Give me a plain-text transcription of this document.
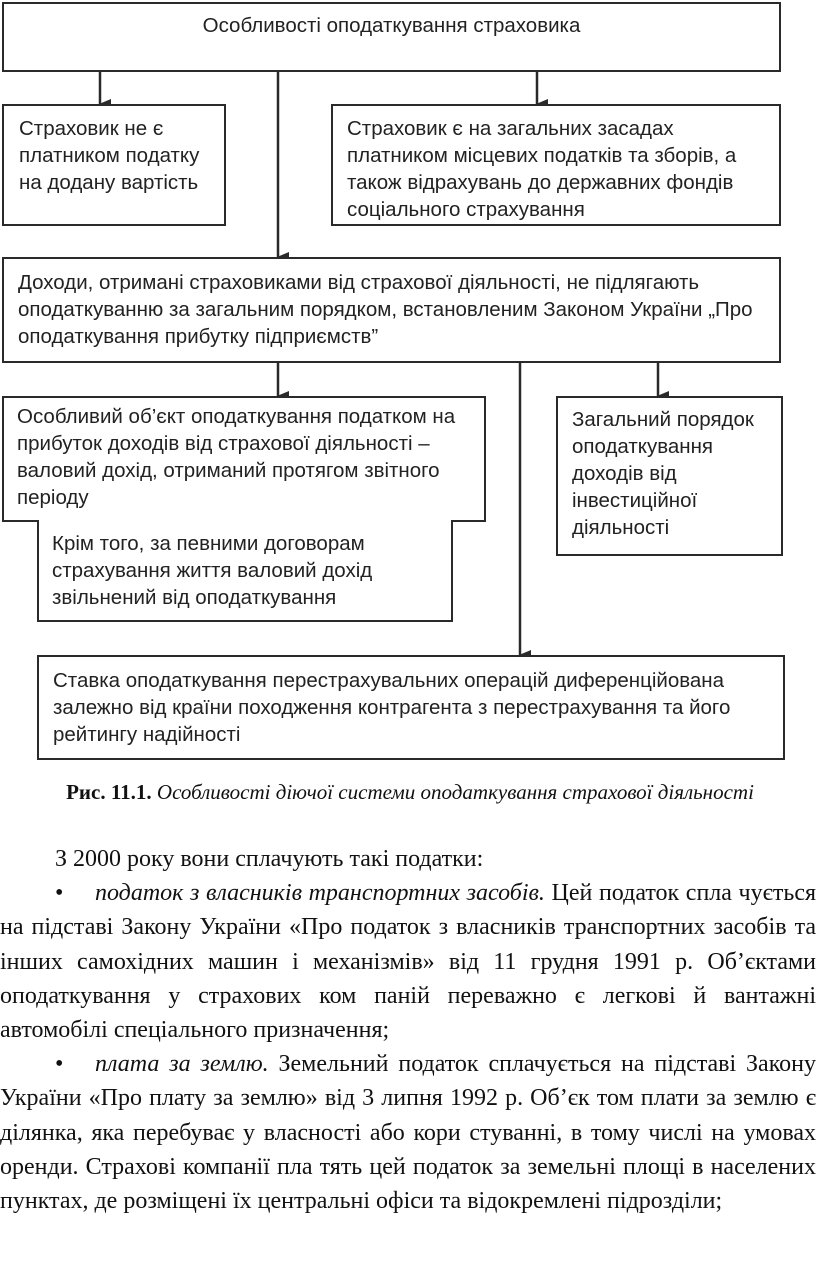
Особливості оподаткування страховика
Страховик не є платником податку на додану вартість
Страховик є на загальних засадах платником місцевих податків та зборів, а також відрахувань до державних фондів соціального страхування
Доходи, отримані страховиками від страхової діяльності, не підлягають оподаткуванню за загальним порядком, встановленим Законом України „Про оподаткування прибутку підприємств”
Особливий об’єкт оподаткування податком на прибуток доходів від страхової діяльності –валовий дохід, отриманий протягом звітного періоду
Крім того, за певними договорам страхування життя валовий дохід звільнений від оподаткування
Загальний порядок оподаткування доходів від інвестиційної діяльності
Ставка оподаткування перестрахувальних операцій диференційована залежно від країни походження контрагента з перестрахування та його рейтингу надійності
Рис. 11.1. Особливості діючої системи оподаткування страхової діяльності

З 2000 року вони сплачують такі податки:

• податок з власників транспортних засобів. Цей податок спла чується на підставі Закону України «Про податок з власників транспортних засобів та інших самохідних машин і механізмів» від 11 грудня 1991 р. Об’єктами оподаткування у страхових ком паній переважно є легкові й вантажні автомобілі спеціального призначення;

• плата за землю. Земельний податок сплачується на підставі Закону України «Про плату за землю» від 3 липня 1992 р. Об’єк том плати за землю є ділянка, яка перебуває у власності або кори стуванні, в тому числі на умовах оренди. Страхові компанії пла тять цей податок за земельні площі в населених пунктах, де розміщені їх центральні офіси та відокремлені підрозділи;
